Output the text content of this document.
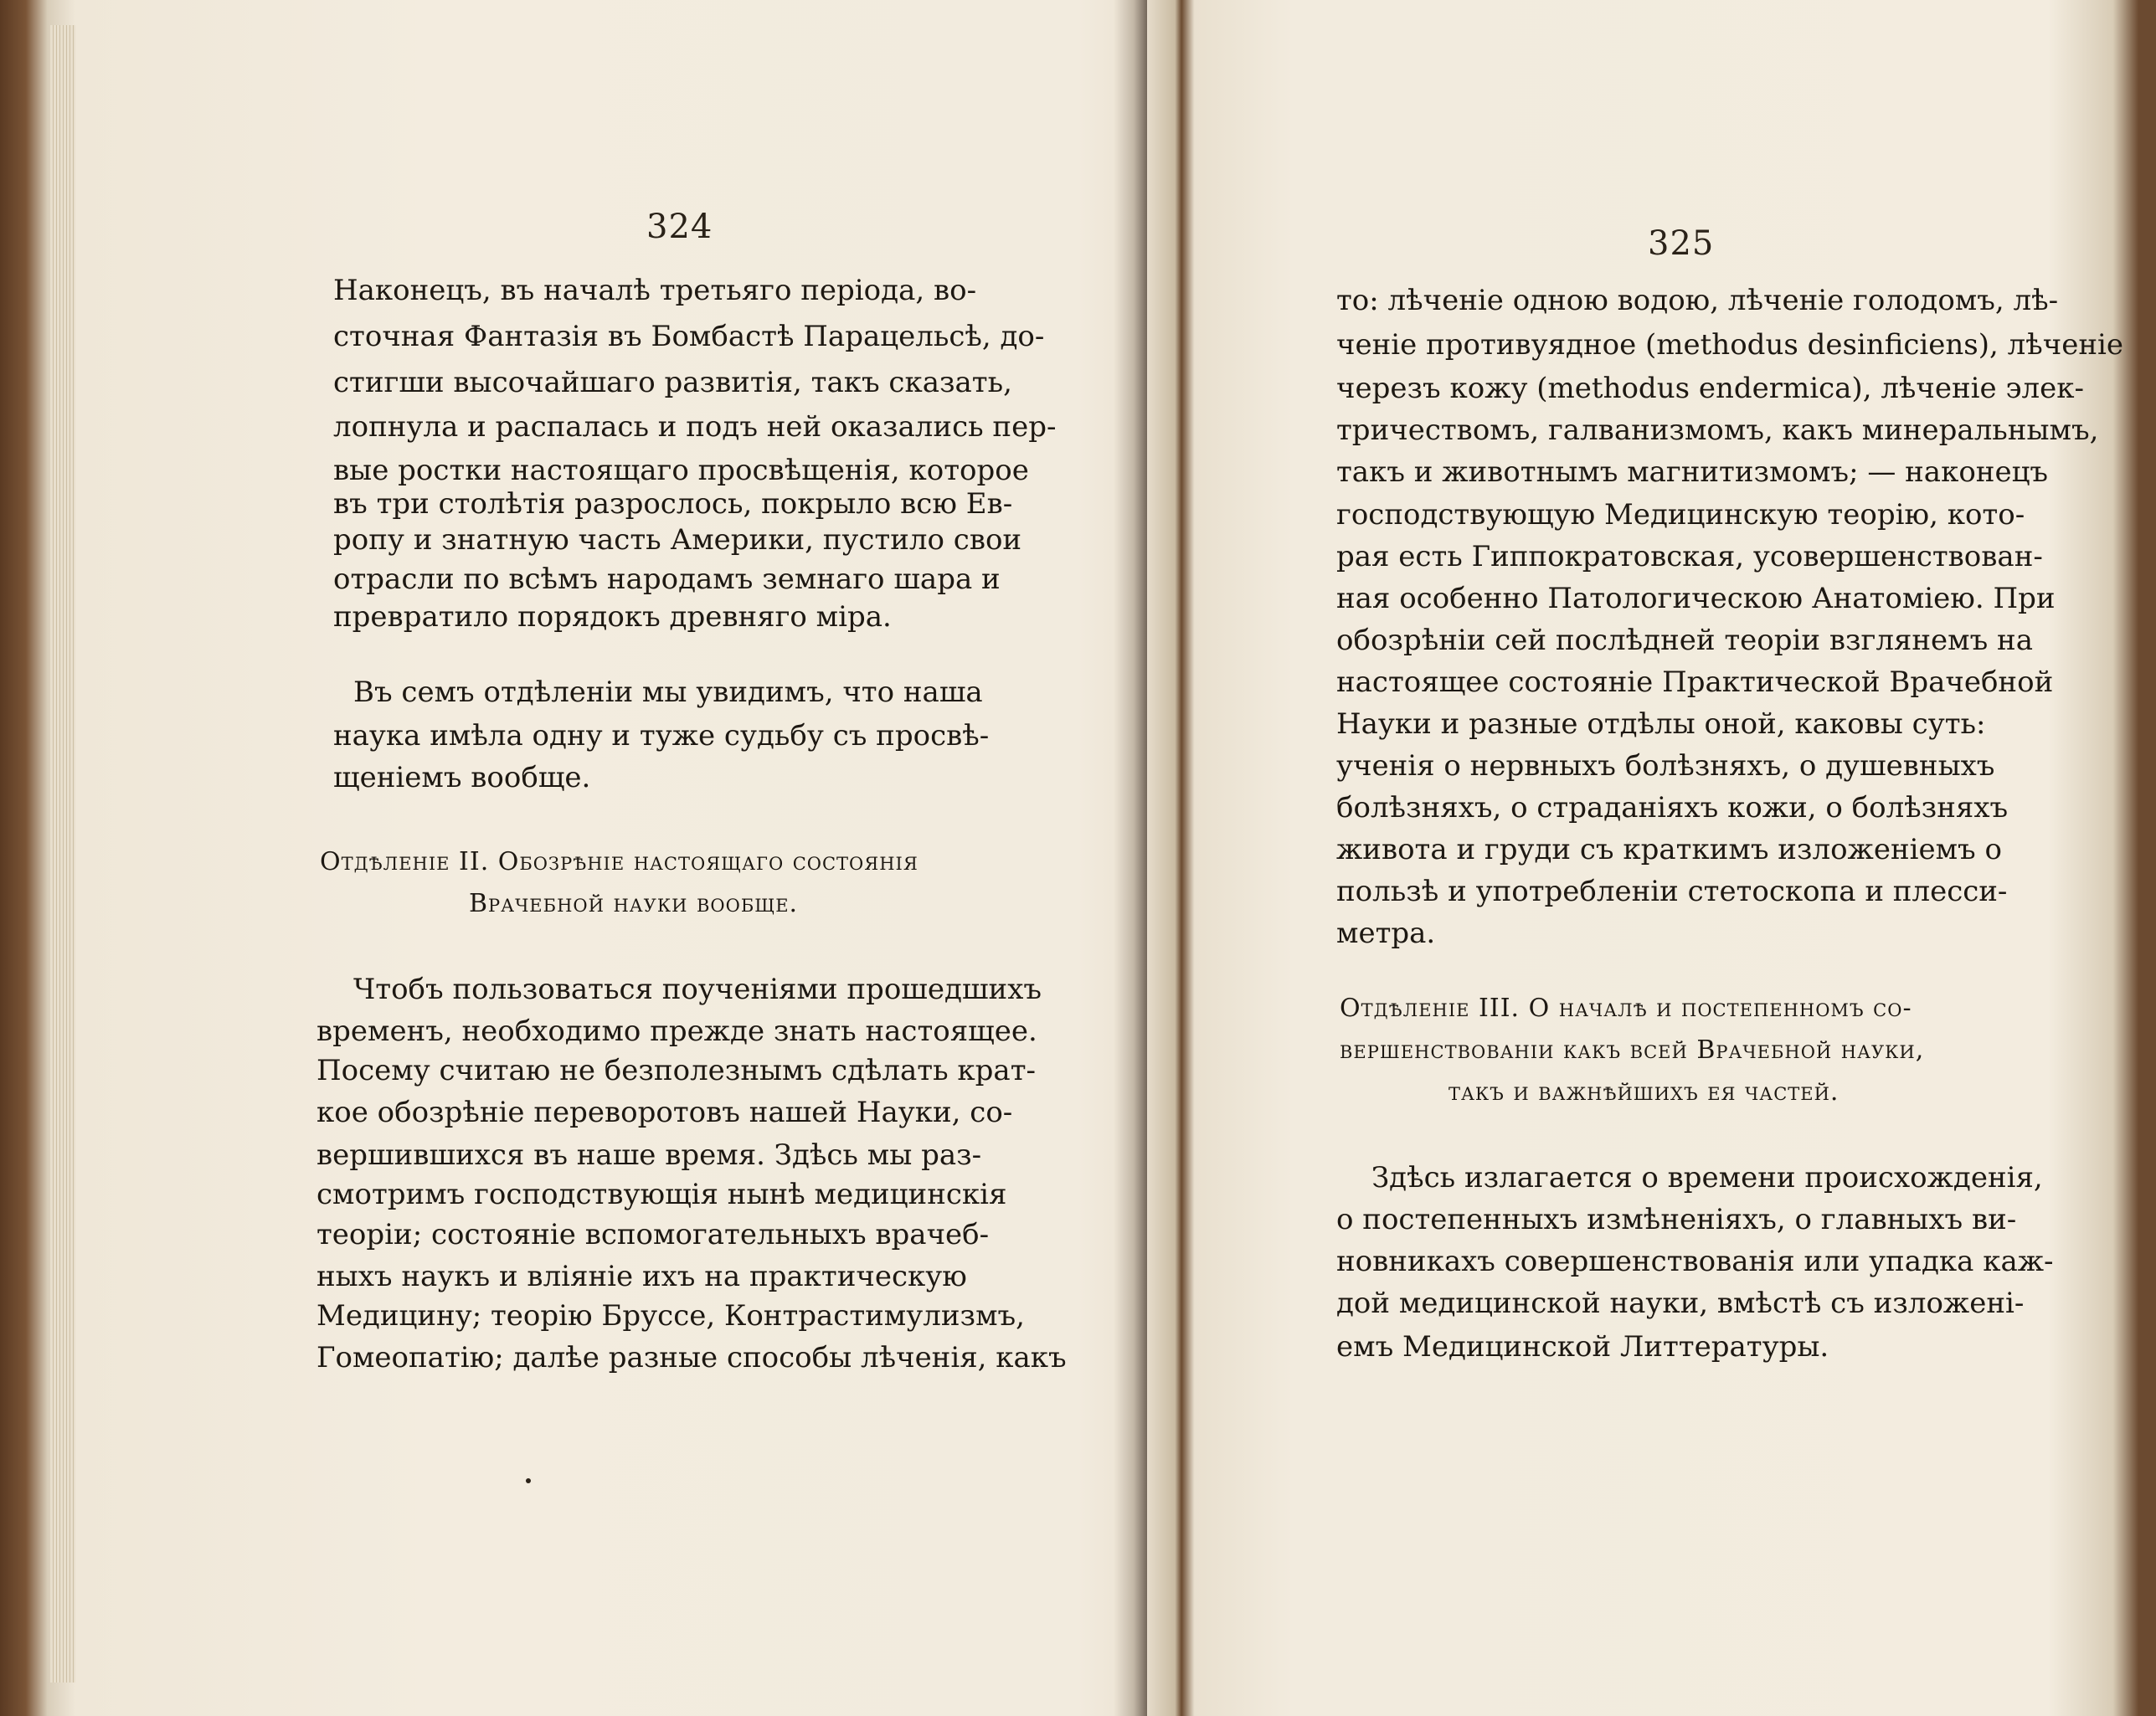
324
Наконецъ, въ началѣ третьяго періода, во-
сточная Фантазія въ Бомбастѣ Парацельсѣ, до-
стигши высочайшаго развитія, такъ сказать,
лопнула и распалась и подъ ней оказались пер-
вые ростки настоящаго просвѣщенія, которое
въ три столѣтія разрослось, покрыло всю Ев-
ропу и знатную часть Америки, пустило свои
отрасли по всѣмъ народамъ земнаго шара и
превратило порядокъ древняго міра.
Въ семъ отдѣленіи мы увидимъ, что наша
наука имѣла одну и туже судьбу съ просвѣ-
щеніемъ вообще.
Отдѣленіе II. Обозрѣніе настоящаго состоянія
Врачебной науки вообще.
Чтобъ пользоваться поученіями прошедшихъ
временъ, необходимо прежде знать настоящее.
Посему считаю не безполезнымъ сдѣлать крат-
кое обозрѣніе переворотовъ нашей Науки, со-
вершившихся въ наше время. Здѣсь мы раз-
смотримъ господствующія нынѣ медицинскія
теоріи; состояніе вспомогательныхъ врачеб-
ныхъ наукъ и вліяніе ихъ на практическую
Медицину; теорію Бруссе, Контрастимулизмъ,
Гомеопатію; далѣе разные способы лѣченія, какъ
325
то: лѣченіе одною водою, лѣченіе голодомъ, лѣ-
ченіе противуядное (methodus desinficiens), лѣченіе
черезъ кожу (methodus endermica), лѣченіе элек-
тричествомъ, галванизмомъ, какъ минеральнымъ,
такъ и животнымъ магнитизмомъ; — наконецъ
господствующую Медицинскую теорію, кото-
рая есть Гиппократовская, усовершенствован-
ная особенно Патологическою Анатоміею. При
обозрѣніи сей послѣдней теоріи взглянемъ на
настоящее состояніе Практической Врачебной
Науки и разные отдѣлы оной, каковы суть:
ученія о нервныхъ болѣзняхъ, о душевныхъ
болѣзняхъ, о страданіяхъ кожи, о болѣзняхъ
живота и груди съ краткимъ изложеніемъ о
пользѣ и употребленіи стетоскопа и плесси-
метра.
Отдѣленіе III. О началѣ и постепенномъ со-
вершенствованіи какъ всей Врачебной науки,
такъ и важнѣйшихъ ея частей.
Здѣсь излагается о времени происхожденія,
о постепенныхъ измѣненіяхъ, о главныхъ ви-
новникахъ совершенствованія или упадка каж-
дой медицинской науки, вмѣстѣ съ изложені-
емъ Медицинской Литтературы.
